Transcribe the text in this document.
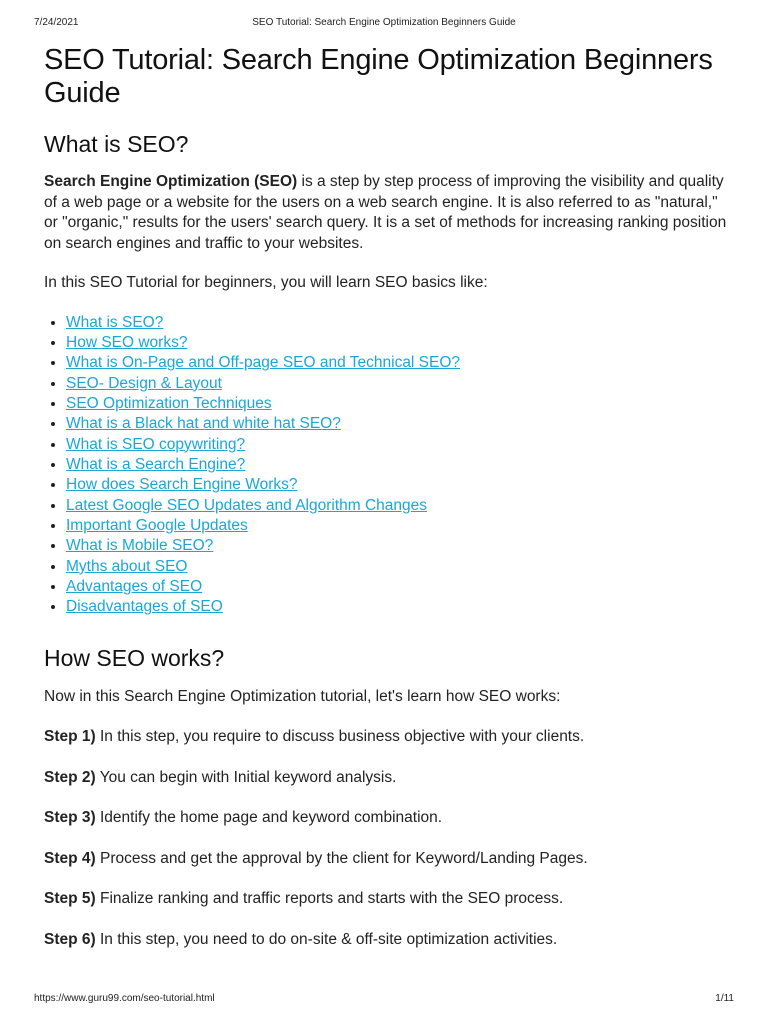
7/24/2021	SEO Tutorial: Search Engine Optimization Beginners Guide
SEO Tutorial: Search Engine Optimization Beginners Guide
What is SEO?

Search Engine Optimization (SEO) is a step by step process of improving the visibility and quality of a web page or a website for the users on a web search engine. It is also referred to as "natural," or "organic," results for the users' search query. It is a set of methods for increasing ranking position on search engines and traffic to your websites.

In this SEO Tutorial for beginners, you will learn SEO basics like:

• What is SEO?
• How SEO works?
• What is On-Page and Off-page SEO and Technical SEO?
• SEO- Design & Layout
• SEO Optimization Techniques
• What is a Black hat and white hat SEO?
• What is SEO copywriting?
• What is a Search Engine?
• How does Search Engine Works?
• Latest Google SEO Updates and Algorithm Changes
• Important Google Updates
• What is Mobile SEO?
• Myths about SEO
• Advantages of SEO
• Disadvantages of SEO
How SEO works?

Now in this Search Engine Optimization tutorial, let's learn how SEO works:

Step 1) In this step, you require to discuss business objective with your clients.

Step 2) You can begin with Initial keyword analysis.

Step 3) Identify the home page and keyword combination.

Step 4) Process and get the approval by the client for Keyword/Landing Pages.

Step 5) Finalize ranking and traffic reports and starts with the SEO process.

Step 6) In this step, you need to do on-site & off-site optimization activities.

https://www.guru99.com/seo-tutorial.html	1/11
